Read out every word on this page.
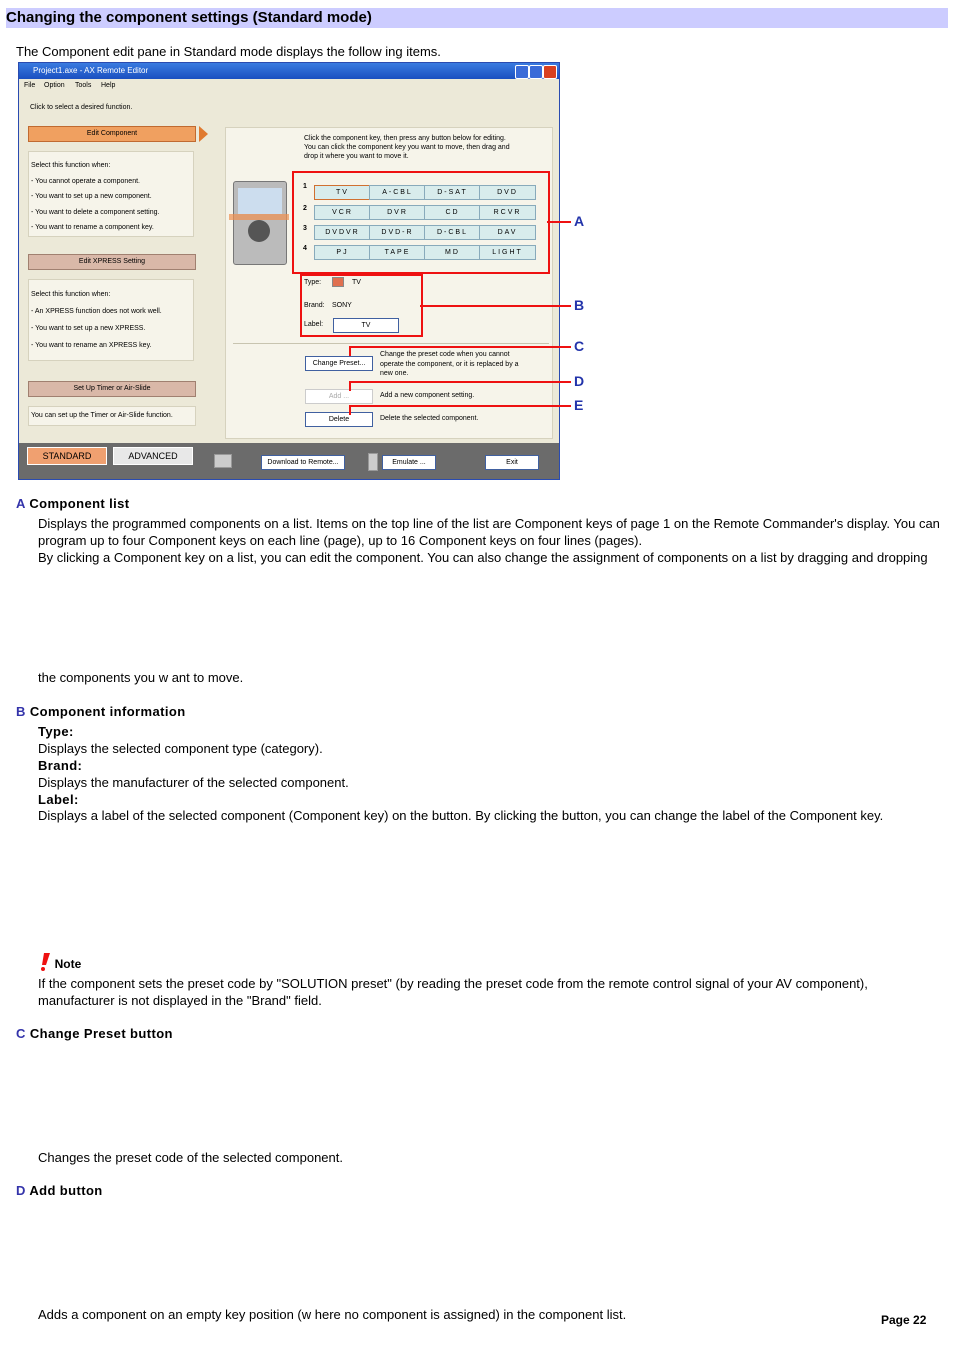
Changing the component settings (Standard mode)
The Component edit pane in Standard mode displays the follow ing items.
Project1.axe - AX Remote Editor
File Option Tools Help
Click to select a desired function.
Edit Component
Select this function when:
- You cannot operate a component.
- You want to set up a new component.
- You want to delete a component setting.
- You want to rename a component key.
Edit XPRESS Setting
Select this function when:
- An XPRESS function does not work well.
- You want to set up a new XPRESS.
- You want to rename an XPRESS key.
Set Up Timer or Air-Slide
You can set up the Timer or Air-Slide function.
Click the component key, then press any button below for editing.
You can click the component key you want to move, then drag and
drop it where you want to move it.
1
TV	A-CBL	D-SAT	DVD
2
VCR	DVR	CD	RCVR
3
DVDVR	DVD-R	D-CBL	DAV
4
PJ	TAPE	MD	LIGHT
Type:	TV
Brand: SONY
Label:	TV
Change Preset...
Change the preset code when you cannot
operate the component, or it is replaced by a
new one.
Add ...	Add a new component setting.
Delete	Delete the selected component.
STANDARD	ADVANCED
Download to Remote...	Emulate ...	Exit
A
B
C
D
E
A Component list
Displays the programmed components on a list. Items on the top line of the list are Component keys of page 1 on the Remote Commander's display. You can program up to four Component keys on each line (page), up to 16 Component keys on four lines (pages).
By clicking a Component key on a list, you can edit the component. You can also change the assignment of components on a list by dragging and dropping
the components you w ant to move.
B Component information
Type:
Displays the selected component type (category).
Brand:
Displays the manufacturer of the selected component.
Label:
Displays a label of the selected component (Component key) on the button. By clicking the button, you can change the label of the Component key.
Note
If the component sets the preset code by "SOLUTION preset" (by reading the preset code from the remote control signal of your AV component), manufacturer is not displayed in the "Brand" field.
C Change Preset button
Changes the preset code of the selected component.
D Add button
Adds a component on an empty key position (w here no component is assigned) in the component list.	Page 22
